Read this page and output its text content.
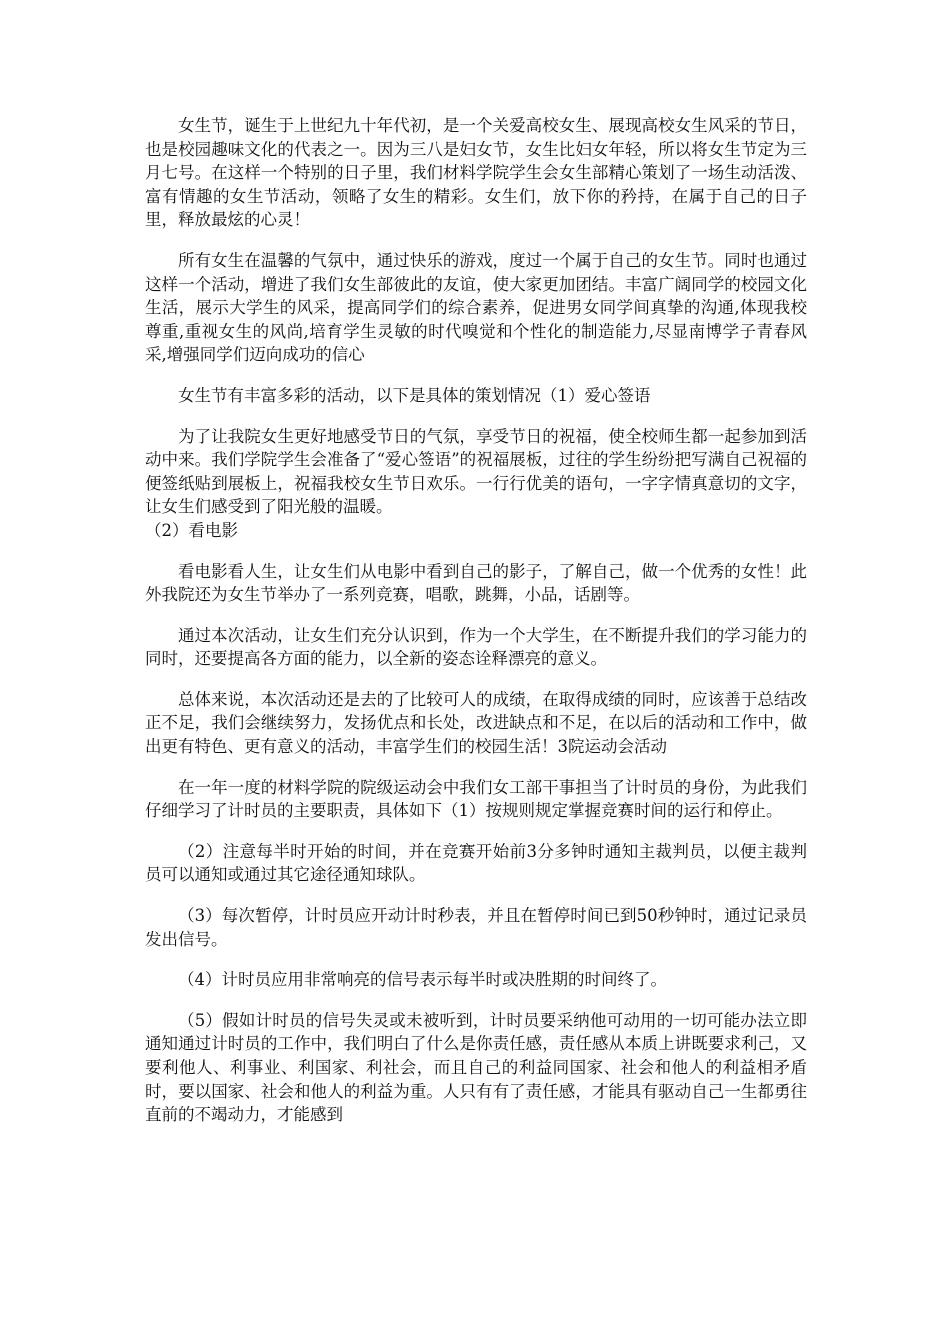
女生节，诞生于上世纪九十年代初，是一个关爱高校女生、展现高校女生风采的节日，也是校园趣味文化的代表之一。因为三八是妇女节，女生比妇女年轻，所以将女生节定为三月七号。在这样一个特别的日子里，我们材料学院学生会女生部精心策划了一场生动活泼、富有情趣的女生节活动，领略了女生的精彩。女生们，放下你的矜持，在属于自己的日子里，释放最炫的心灵！

所有女生在温馨的气氛中，通过快乐的游戏，度过一个属于自己的女生节。同时也通过这样一个活动，增进了我们女生部彼此的友谊，使大家更加团结。丰富广阔同学的校园文化生活，展示大学生的风采，提高同学们的综合素养，促进男女同学间真挚的沟通,体现我校尊重,重视女生的风尚,培育学生灵敏的时代嗅觉和个性化的制造能力,尽显南博学子青春风采,增强同学们迈向成功的信心

女生节有丰富多彩的活动，以下是具体的策划情况（1）爱心签语

为了让我院女生更好地感受节日的气氛，享受节日的祝福，使全校师生都一起参加到活动中来。我们学院学生会准备了“爱心签语”的祝福展板，过往的学生纷纷把写满自己祝福的便签纸贴到展板上，祝福我校女生节日欢乐。一行行优美的语句，一字字情真意切的文字，让女生们感受到了阳光般的温暖。

（2）看电影

看电影看人生，让女生们从电影中看到自己的影子，了解自己，做一个优秀的女性！此外我院还为女生节举办了一系列竞赛，唱歌，跳舞，小品，话剧等。

通过本次活动，让女生们充分认识到，作为一个大学生，在不断提升我们的学习能力的同时，还要提高各方面的能力，以全新的姿态诠释漂亮的意义。

总体来说，本次活动还是去的了比较可人的成绩，在取得成绩的同时，应该善于总结改正不足，我们会继续努力，发扬优点和长处，改进缺点和不足，在以后的活动和工作中，做出更有特色、更有意义的活动，丰富学生们的校园生活！3院运动会活动

在一年一度的材料学院的院级运动会中我们女工部干事担当了计时员的身份，为此我们仔细学习了计时员的主要职责，具体如下（1）按规则规定掌握竞赛时间的运行和停止。

（2）注意每半时开始的时间，并在竞赛开始前3分多钟时通知主裁判员，以便主裁判员可以通知或通过其它途径通知球队。

（3）每次暂停，计时员应开动计时秒表，并且在暂停时间已到50秒钟时，通过记录员发出信号。

（4）计时员应用非常响亮的信号表示每半时或决胜期的时间终了。

（5）假如计时员的信号失灵或未被听到，计时员要采纳他可动用的一切可能办法立即通知通过计时员的工作中，我们明白了什么是你责任感，责任感从本质上讲既要求利己，又要利他人、利事业、利国家、利社会，而且自己的利益同国家、社会和他人的利益相矛盾时，要以国家、社会和他人的利益为重。人只有有了责任感，才能具有驱动自己一生都勇往直前的不竭动力，才能感到
